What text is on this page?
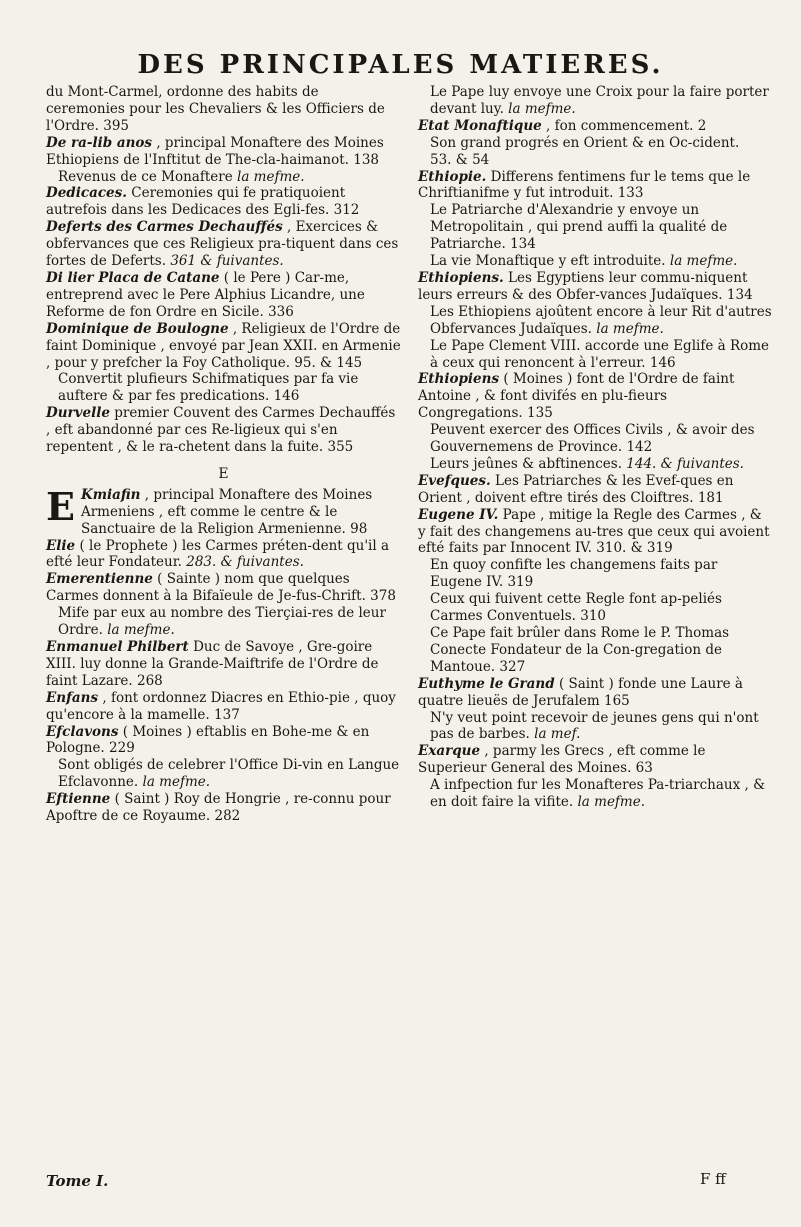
DES PRINCIPALES MATIERES.
du Mont-Carmel, ordonne des habits de ceremonies pour les Chevaliers & les Officiers de l'Ordre. 395
De ra-lib anos , principal Monaftere des Moines Ethiopiens de l'Inftitut de The-cla-haimanot. 138
Revenus de ce Monaftere la mefme.
Dedicaces. Ceremonies qui fe pratiquoient autrefois dans les Dedicaces des Egli-fes. 312
Deferts des Carmes Dechauffés , Exercices & obfervances que ces Religieux pra-tiquent dans ces fortes de Deferts. 361 & fuivantes.
Di lier Placa de Catane ( le Pere ) Car-me, entreprend avec le Pere Alphius Licandre, une Reforme de fon Ordre en Sicile. 336
Dominique de Boulogne , Religieux de l'Ordre de faint Dominique , envoyé par Jean XXII. en Armenie , pour y prefcher la Foy Catholique. 95. & 145
Convertit plufieurs Schifmatiques par fa vie auftere & par fes predications. 146
Durvelle premier Couvent des Carmes Dechauffés , eft abandonné par ces Re-ligieux qui s'en repentent , & le ra-chetent dans la fuite. 355
E
E Kmiafin , principal Monaftere des Moines Armeniens , eft comme le centre & le Sanctuaire de la Religion Armenienne. 98
Elie ( le Prophete ) les Carmes préten-dent qu'il a efté leur Fondateur. 283. & fuivantes.
Emerentienne ( Sainte ) nom que quelques Carmes donnent à la Bifaïeule de Je-fus-Chrift. 378
Mife par eux au nombre des Tierçiai-res de leur Ordre. la mefme.
Enmanuel Philbert Duc de Savoye , Gre-goire XIII. luy donne la Grande-Maiftrife de l'Ordre de faint Lazare. 268
Enfans , font ordonnez Diacres en Ethio-pie , quoy qu'encore à la mamelle. 137
Efclavons ( Moines ) eftablis en Bohe-me & en Pologne. 229
Sont obligés de celebrer l'Office Di-vin en Langue Efclavonne. la mefme.
Eftienne ( Saint ) Roy de Hongrie , re-connu pour Apoftre de ce Royaume. 282
Le Pape luy envoye une Croix pour la faire porter devant luy. la mefme.
Etat Monaftique , fon commencement. 2
Son grand progrés en Orient & en Oc-cident. 53. & 54
Ethiopie. Differens fentimens fur le tems que le Chriftianifme y fut introduit. 133
Le Patriarche d'Alexandrie y envoye un Metropolitain , qui prend auffi la qualité de Patriarche. 134
La vie Monaftique y eft introduite. la mefme.
Ethiopiens. Les Egyptiens leur commu-niquent leurs erreurs & des Obfer-vances Judaïques. 134
Les Ethiopiens ajoûtent encore à leur Rit d'autres Obfervances Judaïques. la mefme.
Le Pape Clement VIII. accorde une Eglife à Rome à ceux qui renoncent à l'erreur. 146
Ethiopiens ( Moines ) font de l'Ordre de faint Antoine , & font divifés en plu-fieurs Congregations. 135
Peuvent exercer des Offices Civils , & avoir des Gouvernemens de Province. 142
Leurs jeûnes & abftinences. 144. & fuivantes.
Evefques. Les Patriarches & les Evef-ques en Orient , doivent eftre tirés des Cloiftres. 181
Eugene IV. Pape , mitige la Regle des Carmes , & y fait des changemens au-tres que ceux qui avoient efté faits par Innocent IV. 310. & 319
En quoy confifte les changemens faits par Eugene IV. 319
Ceux qui fuivent cette Regle font ap-peliés Carmes Conventuels. 310
Ce Pape fait brûler dans Rome le P. Thomas Conecte Fondateur de la Con-gregation de Mantoue. 327
Euthyme le Grand ( Saint ) fonde une Laure à quatre lieuës de Jerufalem 165
N'y veut point recevoir de jeunes gens qui n'ont pas de barbes. la mef.
Exarque , parmy les Grecs , eft comme le Superieur General des Moines. 63
A infpection fur les Monafteres Pa-triarchaux , & en doit faire la vifite. la mefme.
Tome I.	F ff
